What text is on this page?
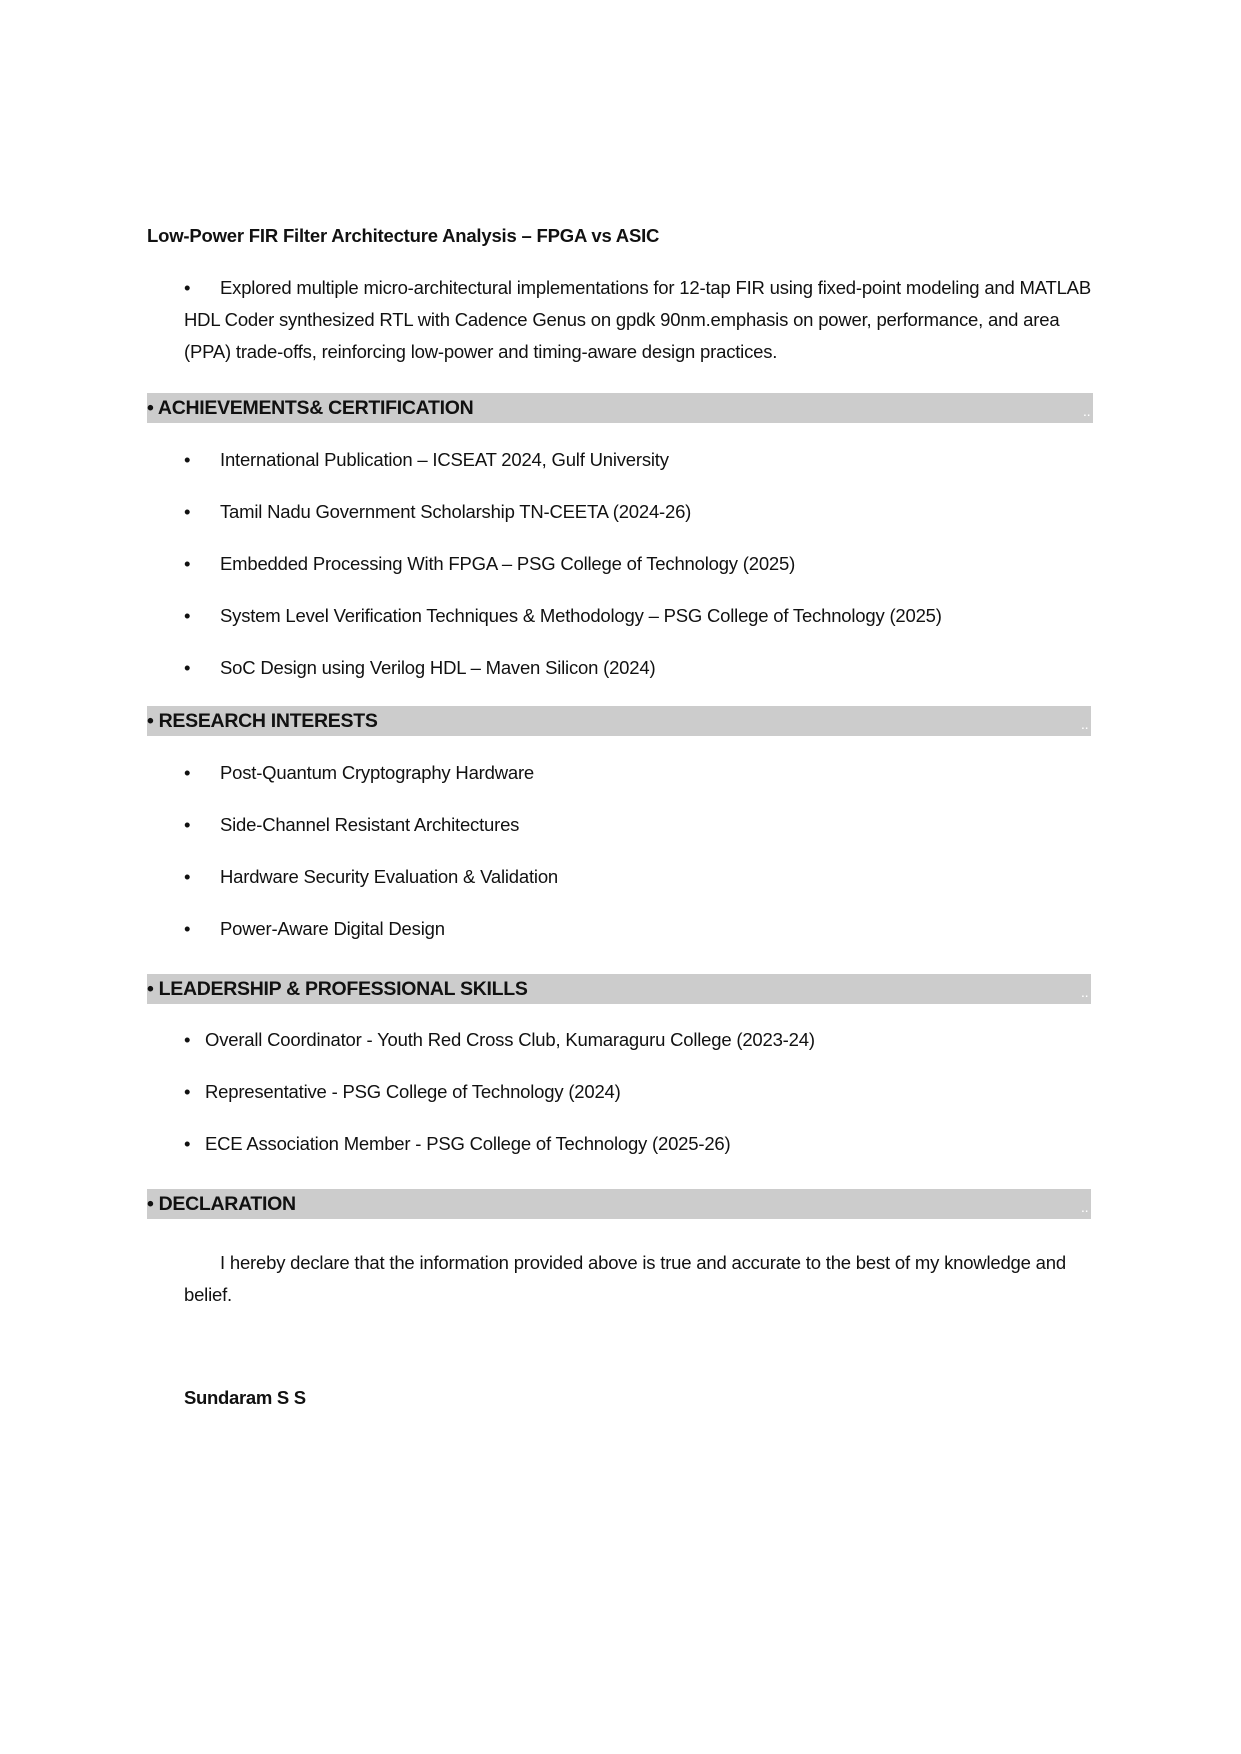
Low-Power FIR Filter Architecture Analysis – FPGA vs ASIC
• Explored multiple micro-architectural implementations for 12-tap FIR using fixed-point modeling and MATLAB HDL Coder synthesized RTL with Cadence Genus on gpdk 90nm.emphasis on power, performance, and area (PPA) trade-offs, reinforcing low-power and timing-aware design practices.
• ACHIEVEMENTS& CERTIFICATION	..
• International Publication – ICSEAT 2024, Gulf University
• Tamil Nadu Government Scholarship TN-CEETA (2024-26)
• Embedded Processing With FPGA – PSG College of Technology (2025)
• System Level Verification Techniques & Methodology – PSG College of Technology (2025)
• SoC Design using Verilog HDL – Maven Silicon (2024)
• RESEARCH INTERESTS	..
• Post-Quantum Cryptography Hardware
• Side-Channel Resistant Architectures
• Hardware Security Evaluation & Validation
• Power-Aware Digital Design
• LEADERSHIP & PROFESSIONAL SKILLS	..
• Overall Coordinator - Youth Red Cross Club, Kumaraguru College (2023-24)
• Representative - PSG College of Technology (2024)
• ECE Association Member - PSG College of Technology (2025-26)
• DECLARATION	..
I hereby declare that the information provided above is true and accurate to the best of my knowledge and belief.
Sundaram S S
